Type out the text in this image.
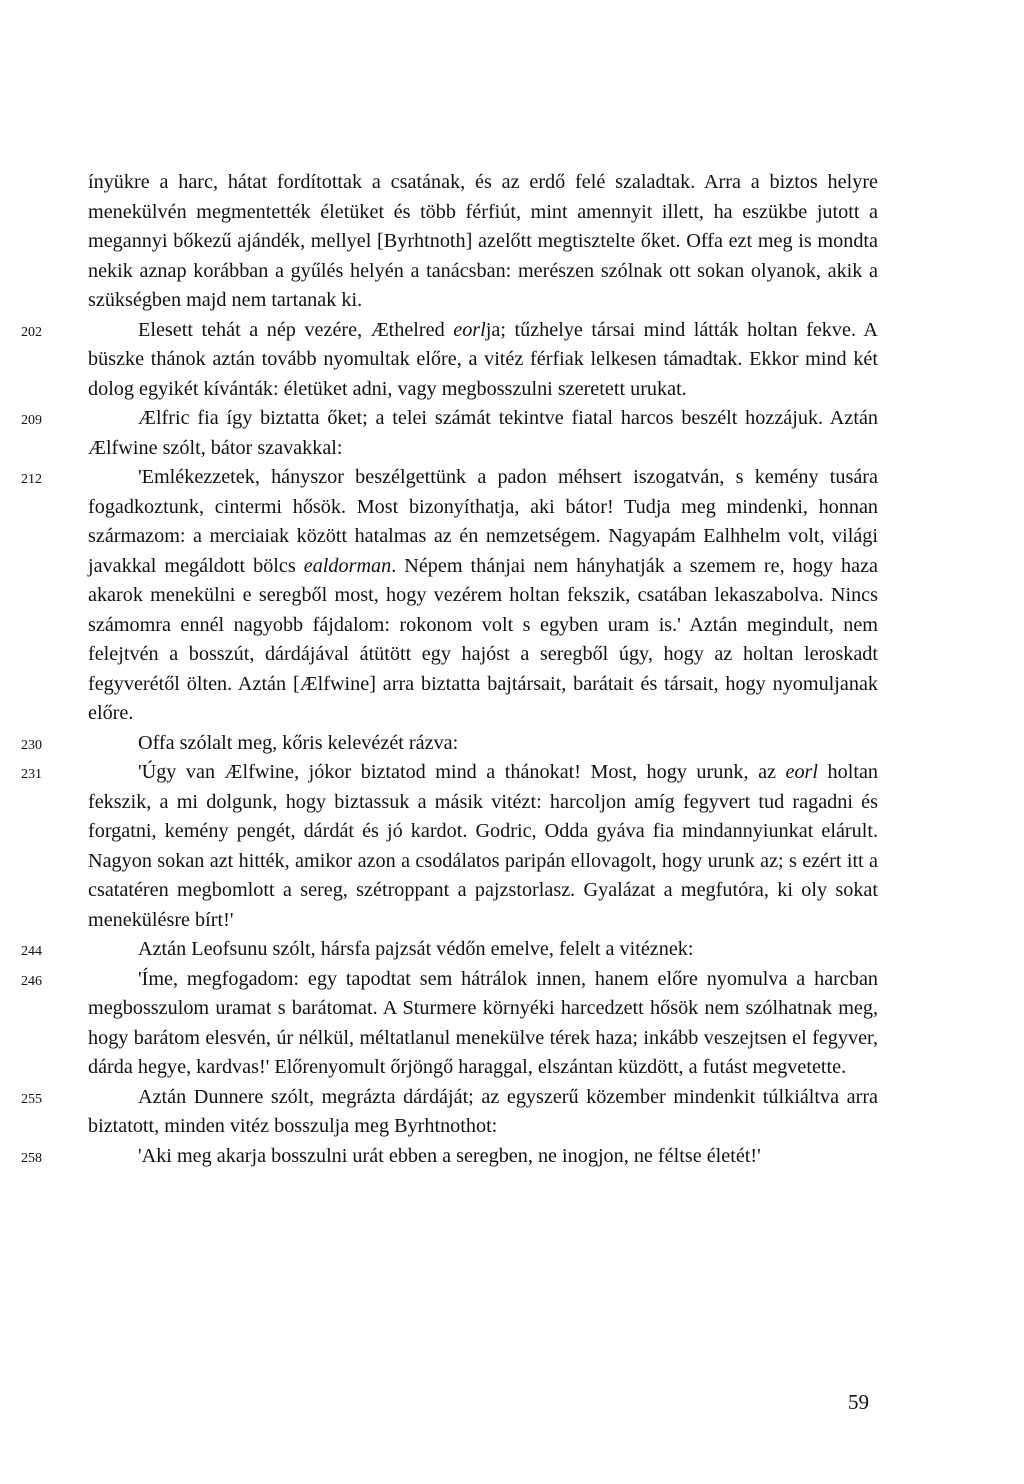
ínyükre a harc, hátat fordítottak a csatának, és az erdő felé szaladtak. Arra a biztos helyre menekülvén megmentették életüket és több férfiút, mint amennyit illett, ha eszükbe jutott a megannyi bőkezű ajándék, mellyel [Byrhtnoth] azelőtt megtisztelte őket. Offa ezt meg is mondta nekik aznap korábban a gyűlés helyén a tanácsban: merészen szólnak ott sokan olyanok, akik a szükségben majd nem tartanak ki.

202	Elesett tehát a nép vezére, Æthelred eorlja; tűzhelye társai mind látták holtan fekve. A büszke thánok aztán tovább nyomultak előre, a vitéz férfiak lelkesen támadtak. Ekkor mind két dolog egyikét kívánták: életüket adni, vagy megbosszulni szeretett urukat.

209	Ælfric fia így biztatta őket; a telei számát tekintve fiatal harcos beszélt hozzájuk. Aztán Ælfwine szólt, bátor szavakkal:

212	'Emlékezzetek, hányszor beszélgettünk a padon méhsert iszogatván, s kemény tusára fogadkoztunk, cintermi hősök. Most bizonyíthatja, aki bátor! Tudja meg mindenki, honnan származom: a merciaiak között hatalmas az én nemzetségem. Nagyapám Ealhhelm volt, világi javakkal megáldott bölcs ealdorman. Népem thánjai nem hányhatják a szemem re, hogy haza akarok menekülni e seregből most, hogy vezérem holtan fekszik, csatában lekaszabolva. Nincs számomra ennél nagyobb fájdalom: rokonom volt s egyben uram is.' Aztán megindult, nem felejtvén a bosszút, dárdájával átütött egy hajóst a seregből úgy, hogy az holtan leroskadt fegyverétől ölten. Aztán [Ælfwine] arra biztatta bajtársait, barátait és társait, hogy nyomuljanak előre.

230	Offa szólalt meg, kőris kelevézét rázva:

231	'Úgy van Ælfwine, jókor biztatod mind a thánokat! Most, hogy urunk, az eorl holtan fekszik, a mi dolgunk, hogy biztassuk a másik vitézt: harcoljon amíg fegyvert tud ragadni és forgatni, kemény pengét, dárdát és jó kardot. Godric, Odda gyáva fia mindannyiunkat elárult. Nagyon sokan azt hitték, amikor azon a csodálatos paripán ellovagolt, hogy urunk az; s ezért itt a csatatéren megbomlott a sereg, szétroppant a pajzstorlasz. Gyalázat a megfutóra, ki oly sokat menekülésre bírt!'

244	Aztán Leofsunu szólt, hársfa pajzsát védőn emelve, felelt a vitéznek:

246	'Íme, megfogadom: egy tapodtat sem hátrálok innen, hanem előre nyomulva a harcban megbosszulom uramat s barátomat. A Sturmere környéki harcedzett hősök nem szólhatnak meg, hogy barátom elesvén, úr nélkül, méltatlanul menekülve térek haza; inkább veszejtsen el fegyver, dárda hegye, kardvas!' Előrenyomult őrjöngő haraggal, elszántan küzdött, a futást megvetette.

255	Aztán Dunnere szólt, megrázta dárdáját; az egyszerű közember mindenkit túlkiáltva arra biztatott, minden vitéz bosszulja meg Byrhtnothot:

258	'Aki meg akarja bosszulni urát ebben a seregben, ne inogjon, ne féltse életét!'

59
